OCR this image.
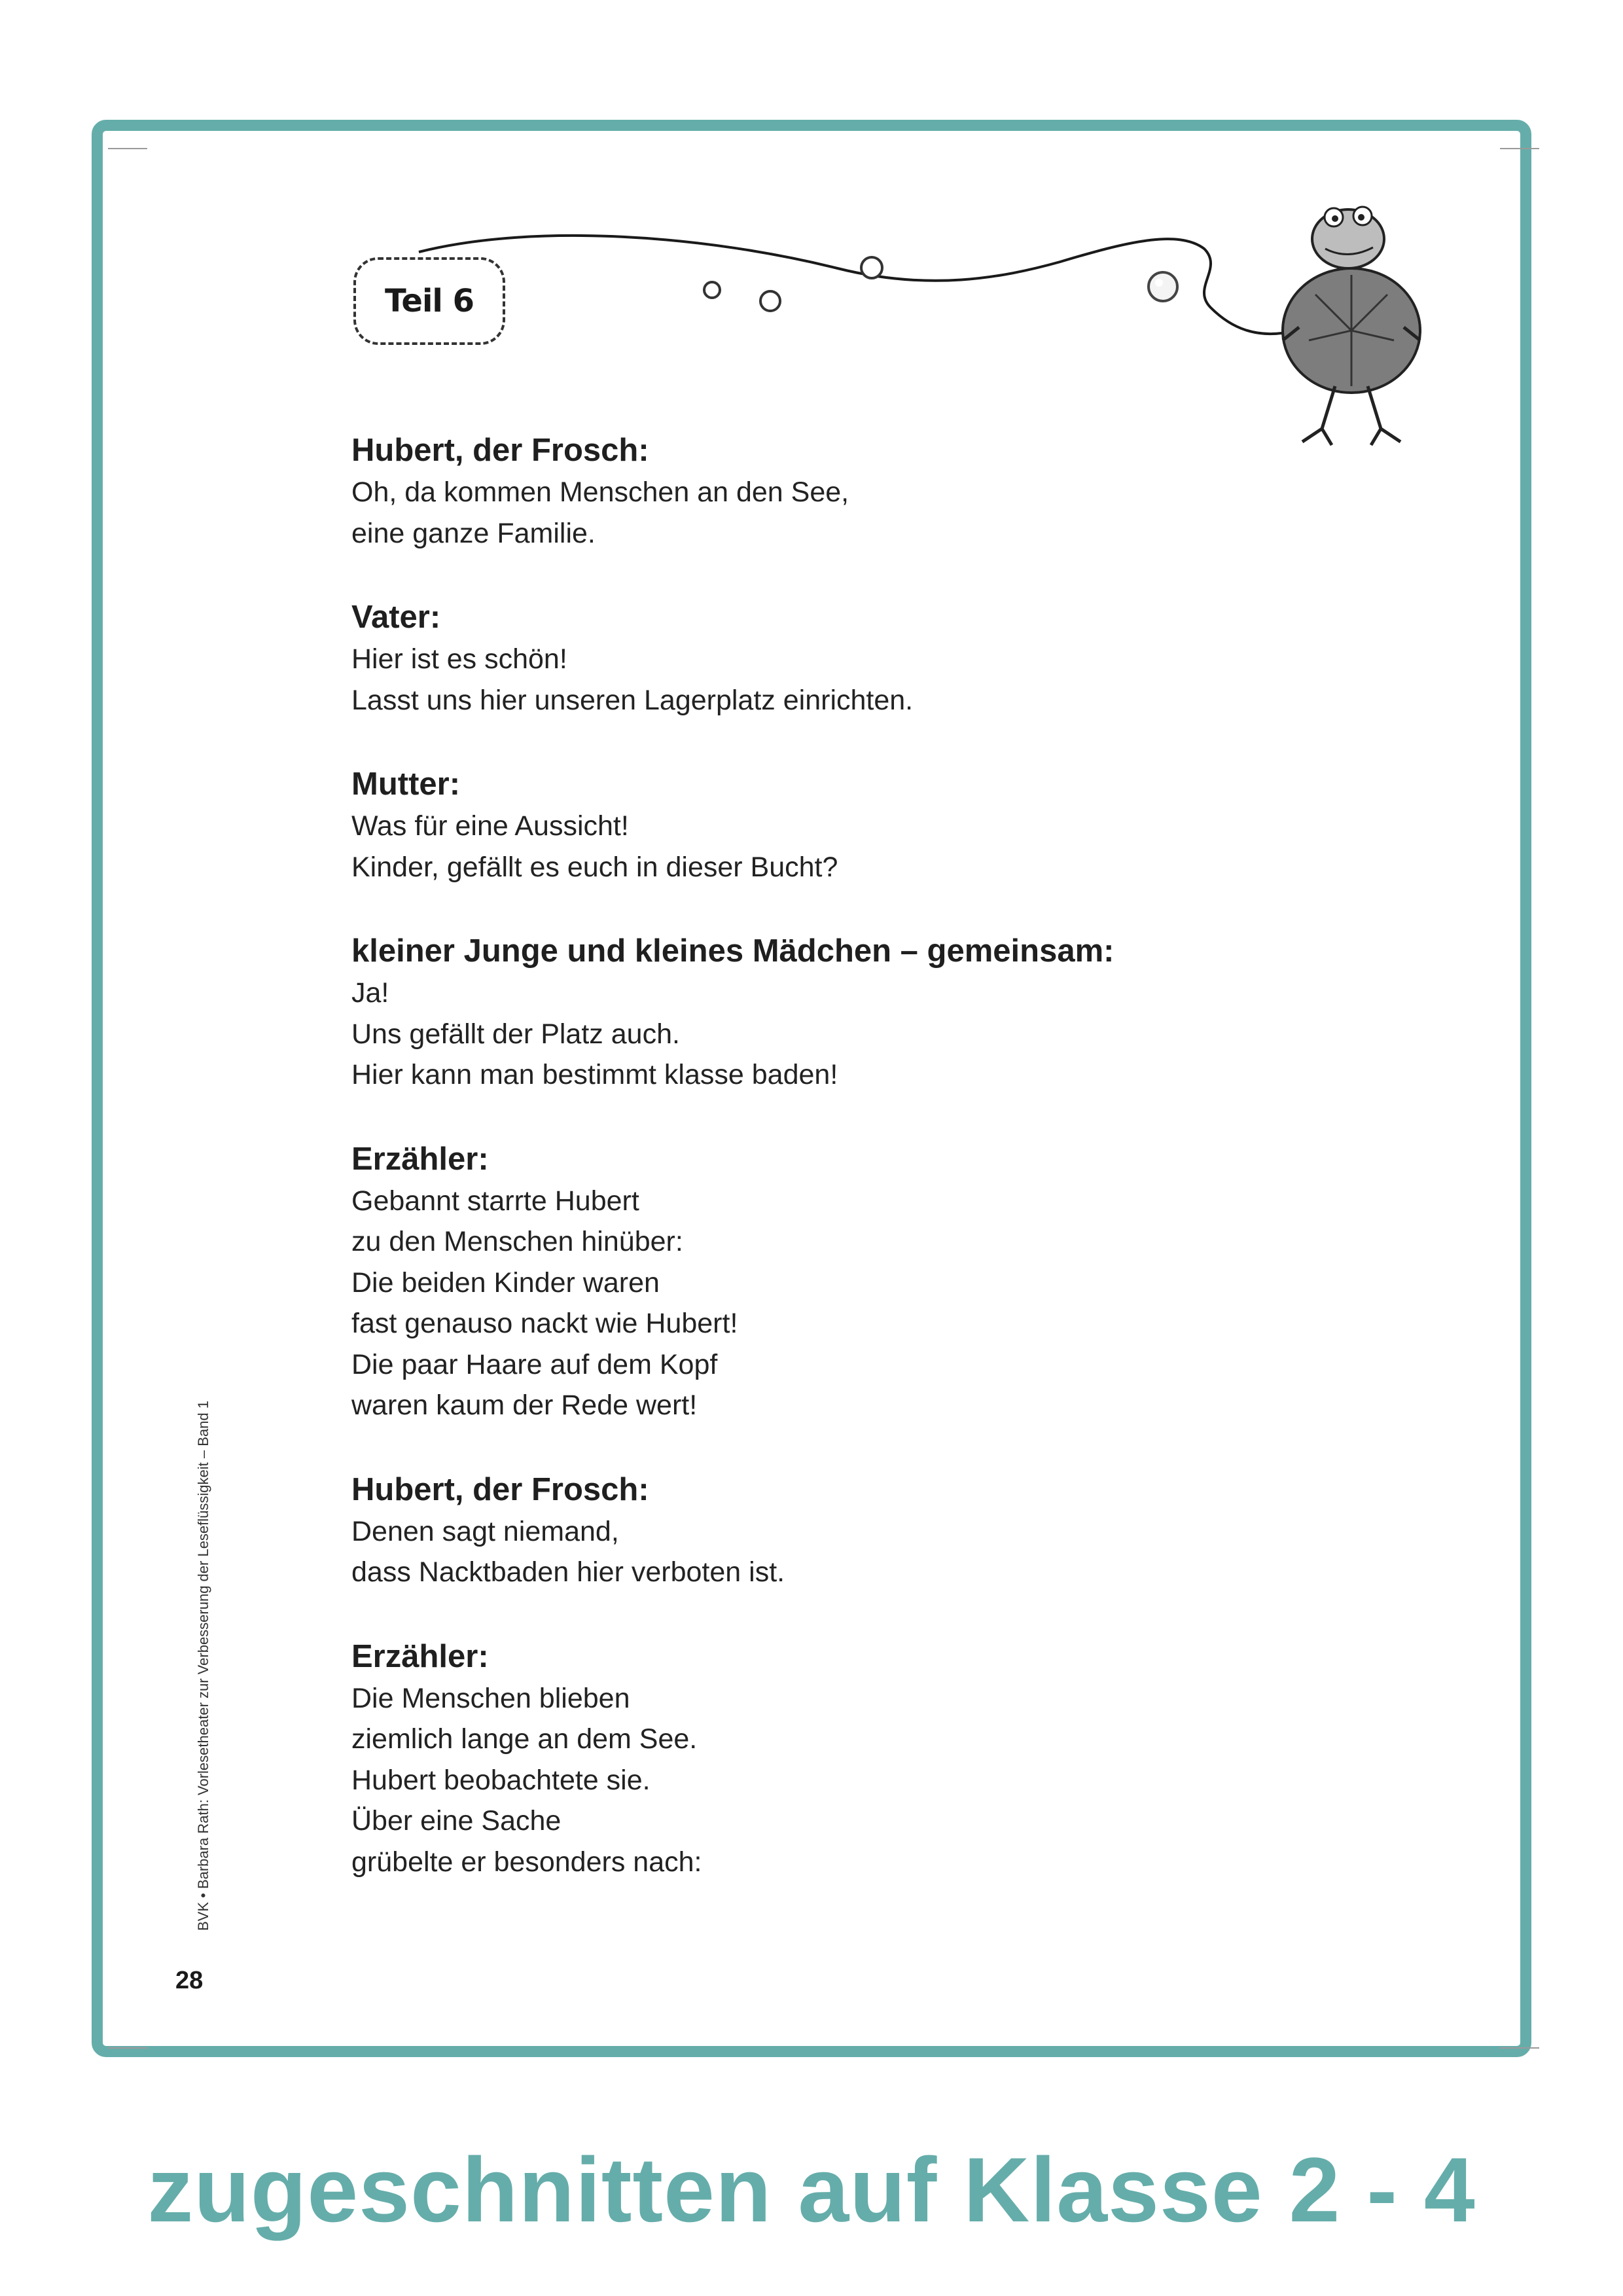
Teil 6
Hubert, der Frosch:
Oh, da kommen Menschen an den See,
eine ganze Familie.
Vater:
Hier ist es schön!
Lasst uns hier unseren Lagerplatz einrichten.
Mutter:
Was für eine Aussicht!
Kinder, gefällt es euch in dieser Bucht?
kleiner Junge und kleines Mädchen – gemeinsam:
Ja!
Uns gefällt der Platz auch.
Hier kann man bestimmt klasse baden!
Erzähler:
Gebannt starrte Hubert
zu den Menschen hinüber:
Die beiden Kinder waren
fast genauso nackt wie Hubert!
Die paar Haare auf dem Kopf
waren kaum der Rede wert!
Hubert, der Frosch:
Denen sagt niemand,
dass Nacktbaden hier verboten ist.
Erzähler:
Die Menschen blieben
ziemlich lange an dem See.
Hubert beobachtete sie.
Über eine Sache
grübelte er besonders nach:
BVK • Barbara Rath: Vorlesetheater zur Verbesserung der Leseflüssigkeit – Band 1
28
zugeschnitten auf Klasse 2 - 4
